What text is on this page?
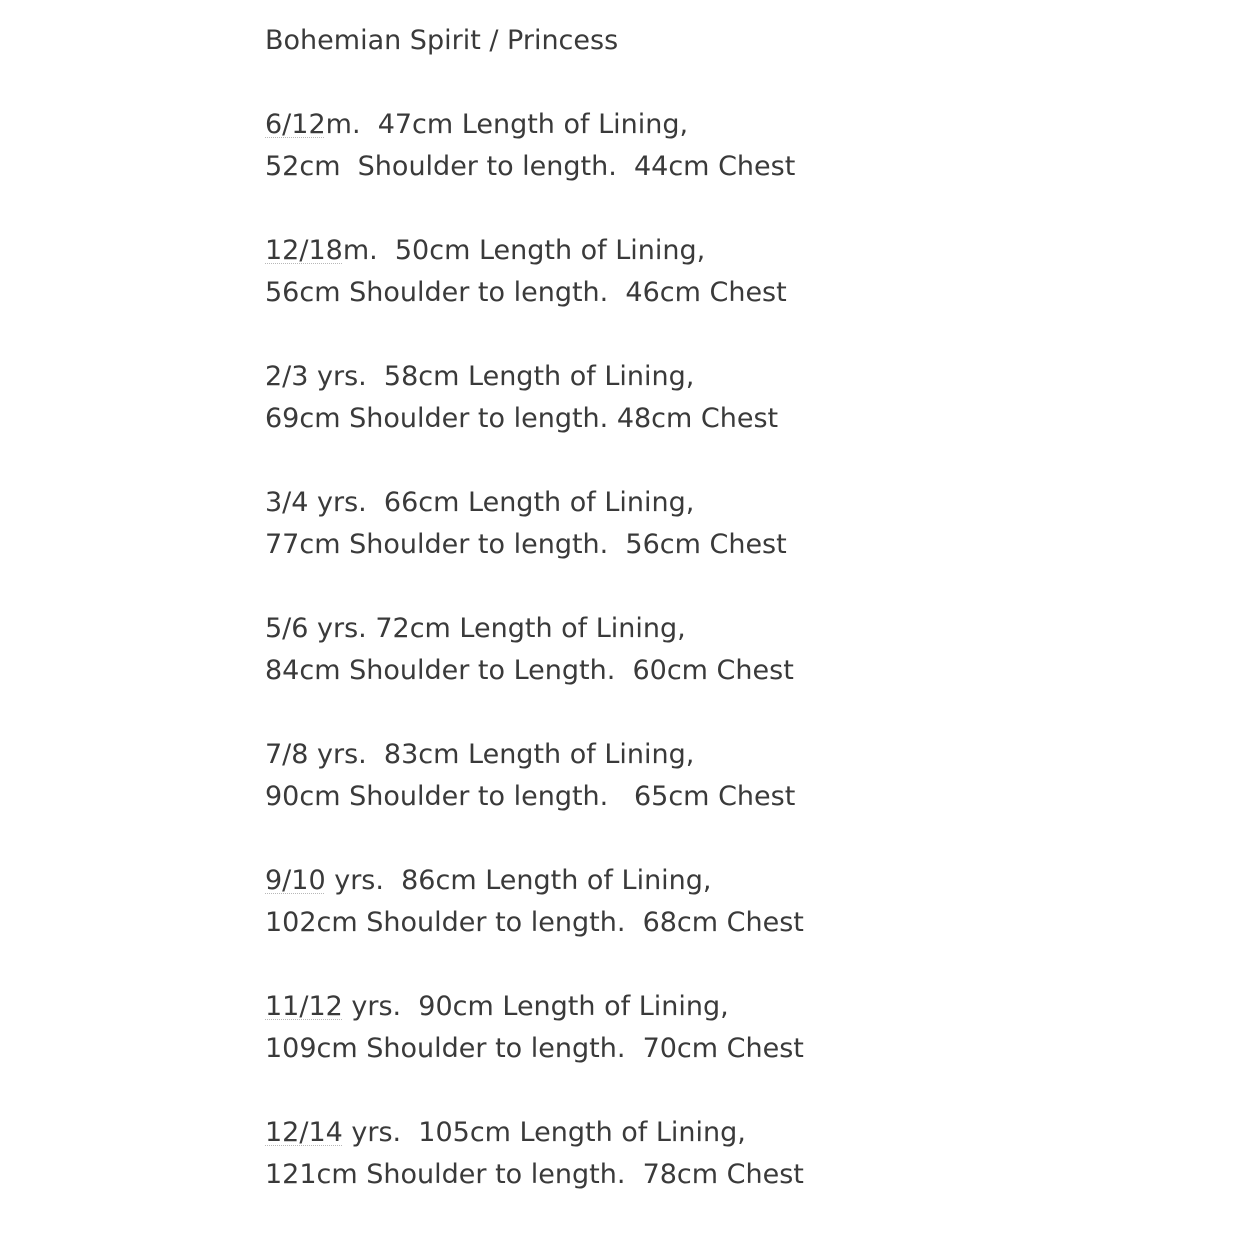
Bohemian Spirit / Princess

6/12m.  47cm Length of Lining,

52cm  Shoulder to length.  44cm Chest

12/18m.  50cm Length of Lining,

56cm Shoulder to length.  46cm Chest

2/3 yrs.  58cm Length of Lining,

69cm Shoulder to length. 48cm Chest

3/4 yrs.  66cm Length of Lining,

77cm Shoulder to length.  56cm Chest

5/6 yrs. 72cm Length of Lining,

84cm Shoulder to Length.  60cm Chest

7/8 yrs.  83cm Length of Lining,

90cm Shoulder to length.   65cm Chest

9/10 yrs.  86cm Length of Lining,

102cm Shoulder to length.  68cm Chest

11/12 yrs.  90cm Length of Lining,

109cm Shoulder to length.  70cm Chest

12/14 yrs.  105cm Length of Lining,

121cm Shoulder to length.  78cm Chest
